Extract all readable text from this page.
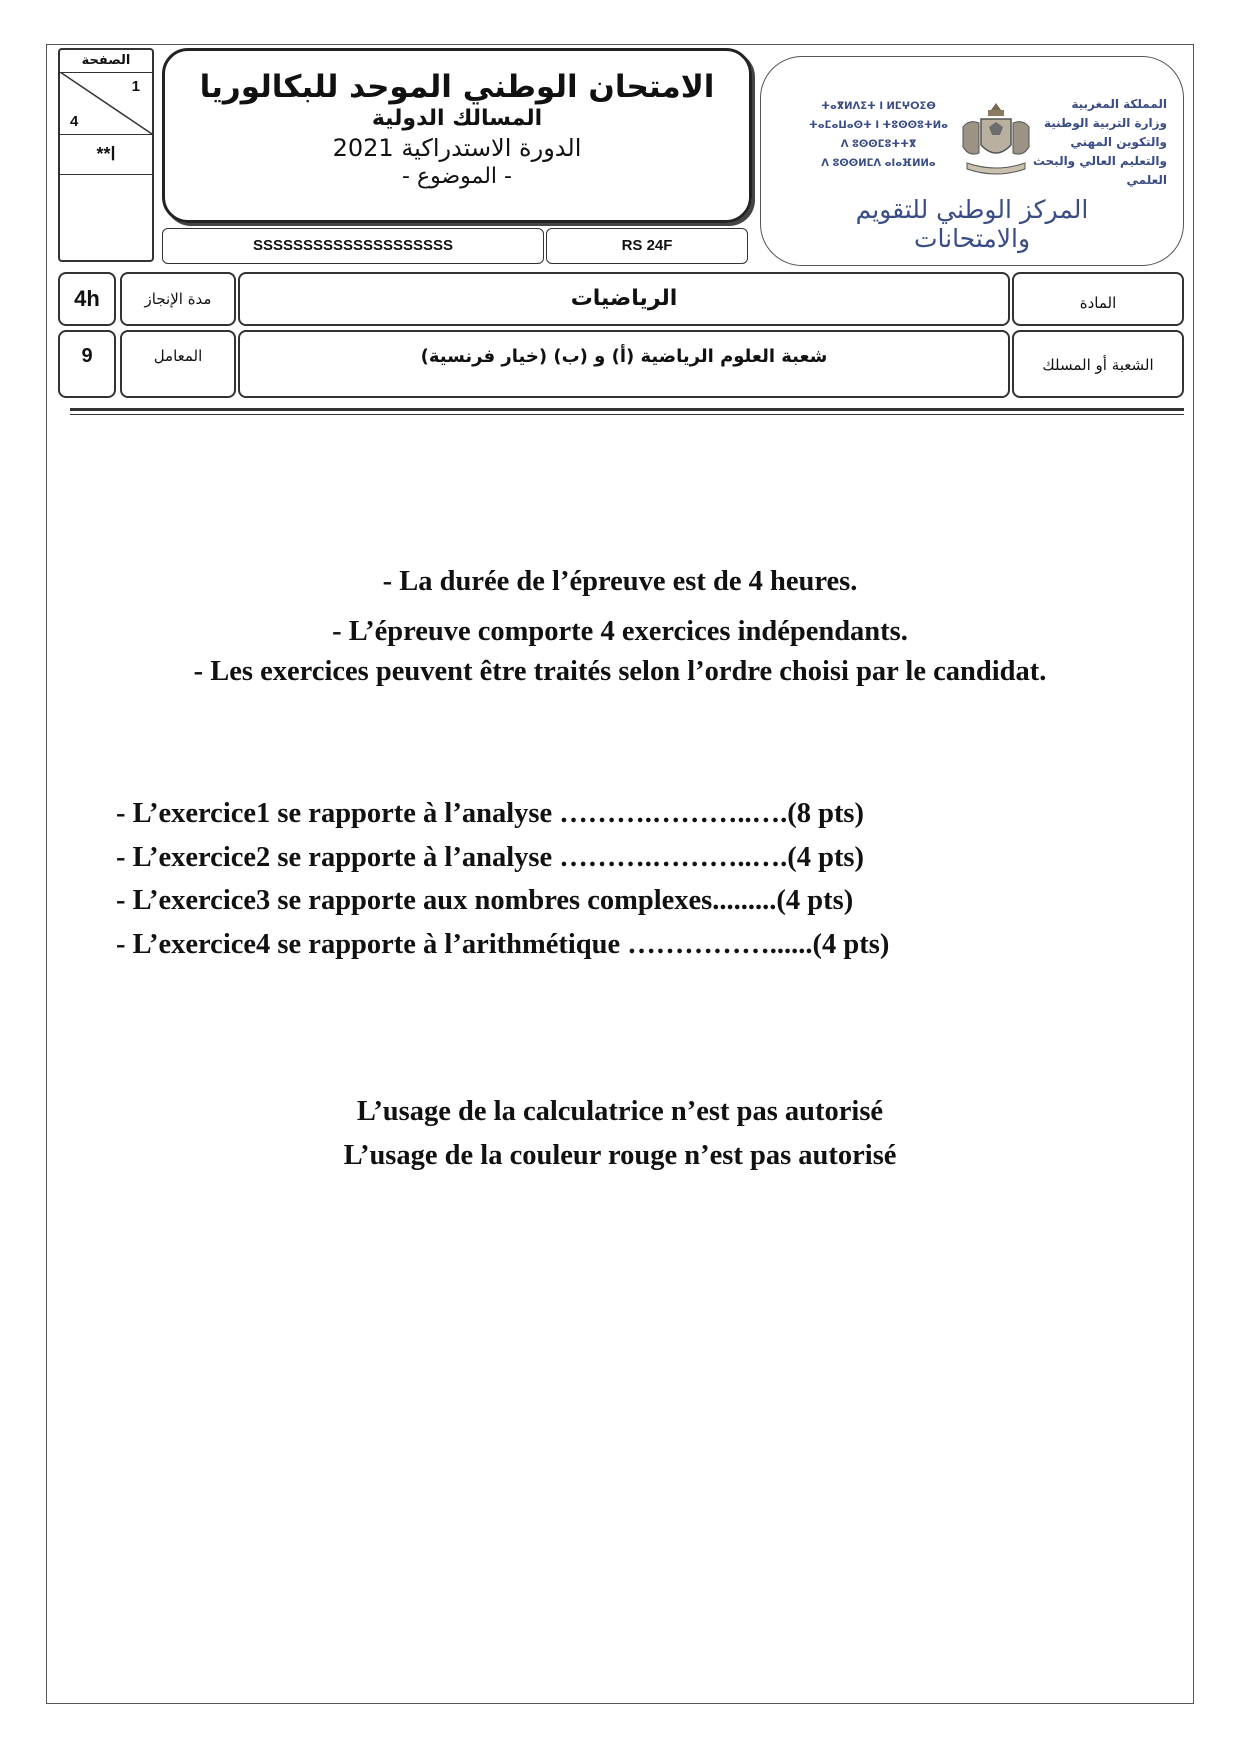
الصفحة
1
4
**ا
الامتحان الوطني الموحد للبكالوريا
المسالك الدولية
الدورة الاستدراكية 2021
- الموضوع -
SSSSSSSSSSSSSSSSSSSS	RS 24F
ⵜⴰⴳⵍⴷⵉⵜ ⵏ ⵍⵎⵖⵔⵉⴱ
ⵜⴰⵎⴰⵡⴰⵙⵜ ⵏ ⵜⵓⵙⵙⵓⵜⵍⴰ
ⴷ ⵓⵙⵙⵎⵓⵜⵜⴳ
ⴷ ⵓⵙⵙⵍⵎⴷ ⴰⵏⴰⴼⵍⵍⴰ
المملكة المغربية
وزارة التربية الوطنية
والتكوين المهني
والتعليم العالي والبحث العلمي
المركز الوطني للتقويم والامتحانات
4h	مدة الإنجاز	الرياضيات	المادة
9	المعامل	شعبة العلوم الرياضية (أ) و (ب) (خيار فرنسية)	الشعبة أو المسلك
- La durée de l’épreuve est de 4 heures.
- L’épreuve comporte 4 exercices indépendants.
- Les exercices peuvent être traités selon l’ordre choisi par le candidat.
- L’exercice1 se rapporte à l’analyse ……….………..….(8 pts)
- L’exercice2 se rapporte à l’analyse ……….………..….(4 pts)
- L’exercice3 se rapporte aux nombres complexes.........(4 pts)
- L’exercice4 se rapporte à l’arithmétique ……………......(4 pts)
L’usage de la calculatrice n’est pas autorisé
L’usage de la couleur rouge n’est pas autorisé
